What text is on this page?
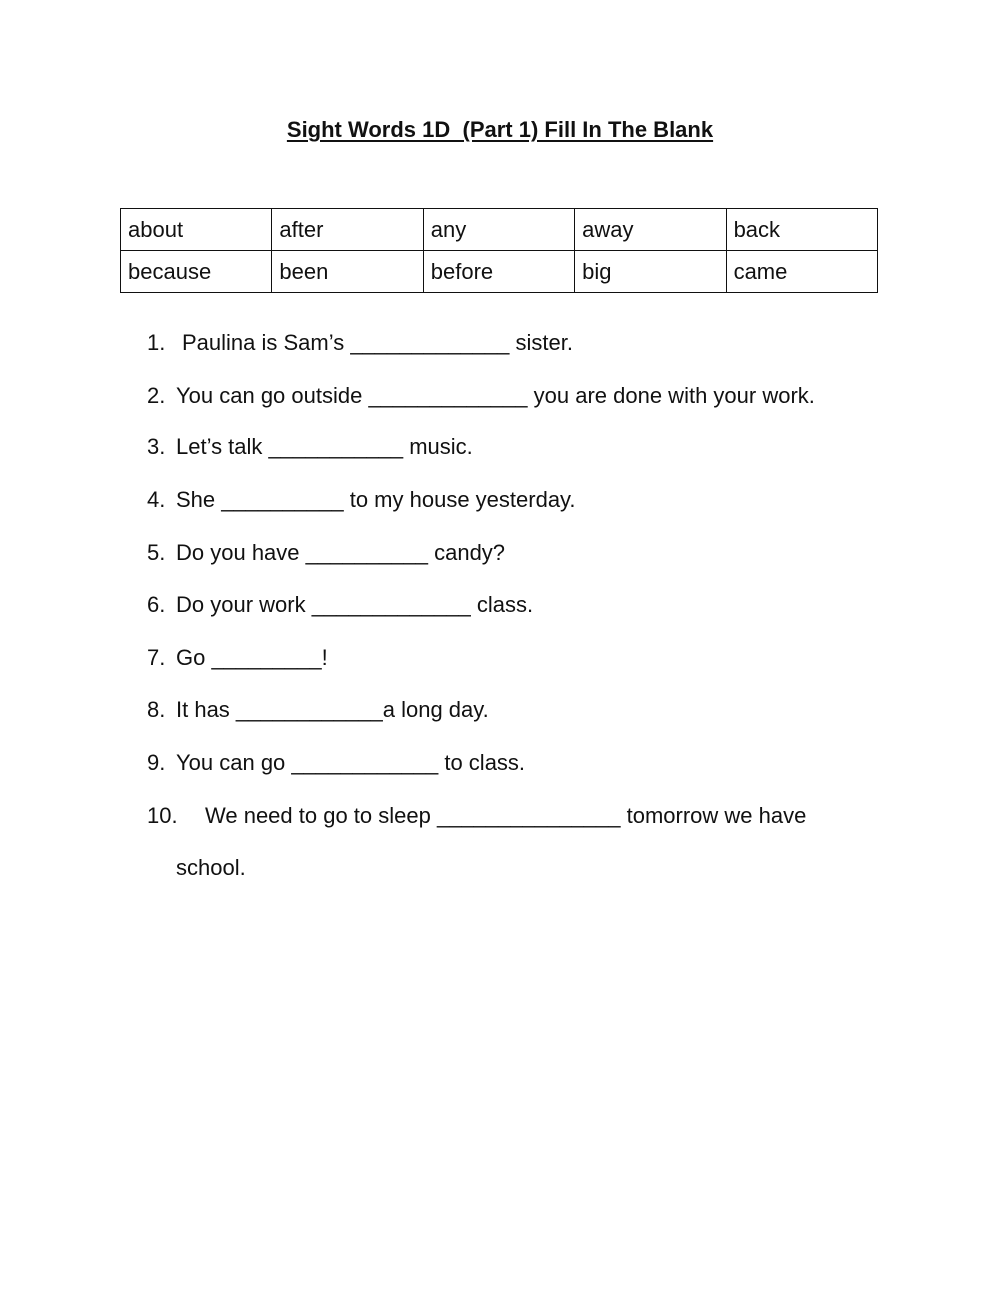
Sight Words 1D  (Part 1) Fill In The Blank
about	after	any	away	back
because	been	before	big	came

1.

Paulina is Sam’s _____________ sister.

2.

You can go outside _____________ you are done with your work.

3.

Let’s talk ___________ music.

4.

She __________ to my house yesterday.

5.

Do you have __________ candy?

6.

Do your work _____________ class.

7.

Go _________!

8.

It has ____________a long day.

9.

You can go ____________ to class.

10.

We need to go to sleep _______________ tomorrow we have

school.
